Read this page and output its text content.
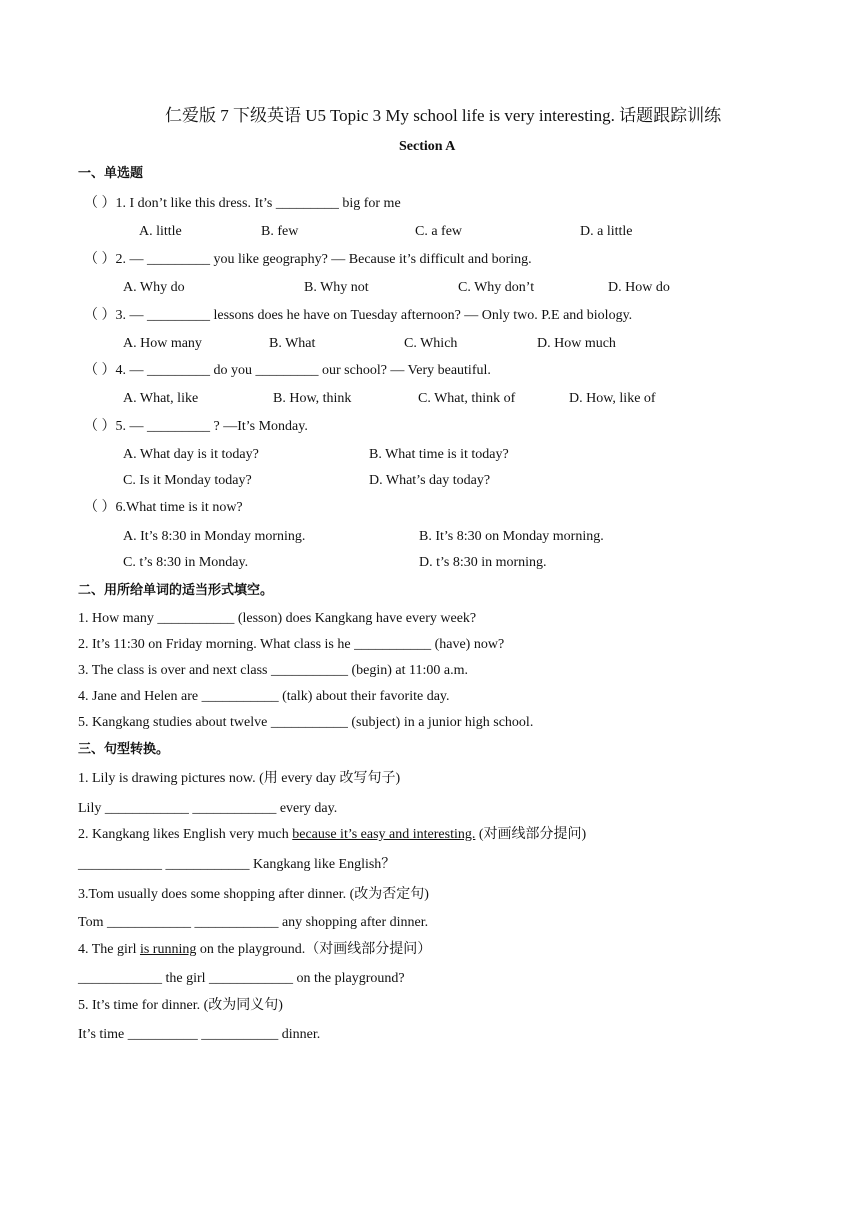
仁爱版 7 下级英语 U5 Topic 3 My school life is very interesting. 话题跟踪训练
Section A
一、单选题
（ ）1. I don’t like this dress. It’s _________ big for me
A. little	B. few	C. a few	D. a little
（ ）2. — _________ you like geography? — Because it’s difficult and boring.
A. Why do	B. Why not	C. Why don’t	D. How do
（ ）3. — _________ lessons does he have on Tuesday afternoon? — Only two. P.E and biology.
A. How many	B. What	C. Which	D. How much
（ ）4. — _________ do you _________ our school? — Very beautiful.
A. What, like	B. How, think	C. What, think of	D. How, like of
（ ）5. — _________ ? —It’s Monday.
A. What day is it today?	B. What time is it today?
C. Is it Monday today?	D. What’s day today?
（ ）6.What time is it now?
A. It’s 8:30 in Monday morning.	B. It’s 8:30 on Monday morning.
C. t’s 8:30 in Monday.	D. t’s 8:30 in morning.
二、用所给单词的适当形式填空。
1. How many ___________ (lesson) does Kangkang have every week?
2. It’s 11:30 on Friday morning. What class is he ___________ (have) now?
3. The class is over and next class ___________ (begin) at 11:00 a.m.
4. Jane and Helen are ___________ (talk) about their favorite day.
5. Kangkang studies about twelve ___________ (subject) in a junior high school.
三、句型转换。
1. Lily is drawing pictures now. (用 every day 改写句子)
Lily ____________ ____________ every day.
2. Kangkang likes English very much because it’s easy and interesting. (对画线部分提问)
____________ ____________ Kangkang like English？
3.Tom usually does some shopping after dinner. (改为否定句)
Tom ____________ ____________ any shopping after dinner.
4. The girl is running on the playground.（对画线部分提问）
____________ the girl ____________ on the playground?
5. It’s time for dinner. (改为同义句)
It’s time __________ ___________ dinner.
